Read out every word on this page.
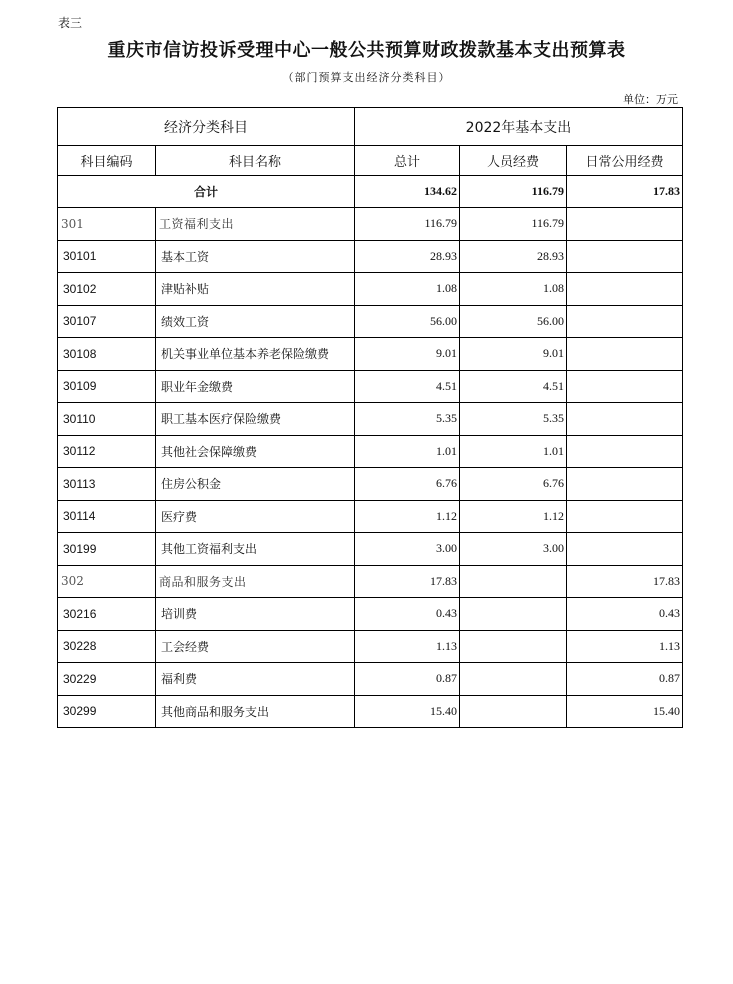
表三
重庆市信访投诉受理中心一般公共预算财政拨款基本支出预算表
（部门预算支出经济分类科目）
单位：万元
经济分类科目		2022年基本支出		
科目编码	科目名称	总计	人员经费	日常公用经费
合计		134.62	116.79	17.83
301	工资福利支出	116.79	116.79	
30101	基本工资	28.93	28.93	
30102	津贴补贴	1.08	1.08	
30107	绩效工资	56.00	56.00	
30108	机关事业单位基本养老保险缴费	9.01	9.01	
30109	职业年金缴费	4.51	4.51	
30110	职工基本医疗保险缴费	5.35	5.35	
30112	其他社会保障缴费	1.01	1.01	
30113	住房公积金	6.76	6.76	
30114	医疗费	1.12	1.12	
30199	其他工资福利支出	3.00	3.00	
302	商品和服务支出	17.83		17.83
30216	培训费	0.43		0.43
30228	工会经费	1.13		1.13
30229	福利费	0.87		0.87
30299	其他商品和服务支出	15.40		15.40
